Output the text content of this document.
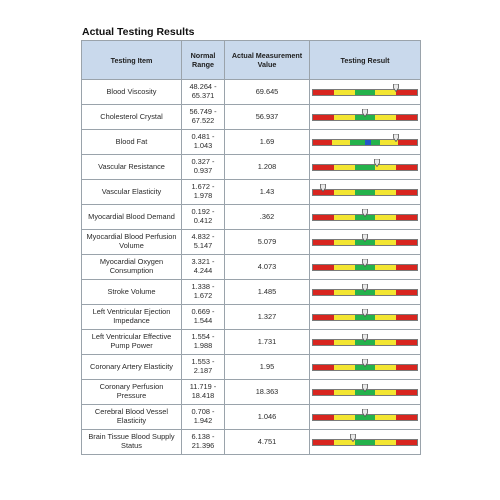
Actual Testing Results
Testing Item	Normal Range	Actual Measurement Value	Testing Result
Blood Viscosity	48.264 -
65.371	69.645	

Cholesterol Crystal	56.749 -
67.522	56.937	

Blood Fat	0.481 -
1.043	1.69	

Vascular Resistance	0.327 -
0.937	1.208	

Vascular Elasticity	1.672 -
1.978	1.43	

Myocardial Blood Demand	0.192 -
0.412	.362	

Myocardial Blood Perfusion Volume	4.832 -
5.147	5.079	

Myocardial Oxygen Consumption	3.321 -
4.244	4.073	

Stroke Volume	1.338 -
1.672	1.485	

Left Ventricular Ejection Impedance	0.669 -
1.544	1.327	

Left Ventricular Effective Pump Power	1.554 -
1.988	1.731	

Coronary Artery Elasticity	1.553 -
2.187	1.95	

Coronary Perfusion Pressure	11.719 -
18.418	18.363	

Cerebral Blood Vessel Elasticity	0.708 -
1.942	1.046	

Brain Tissue Blood Supply Status	6.138 -
21.396	4.751	
